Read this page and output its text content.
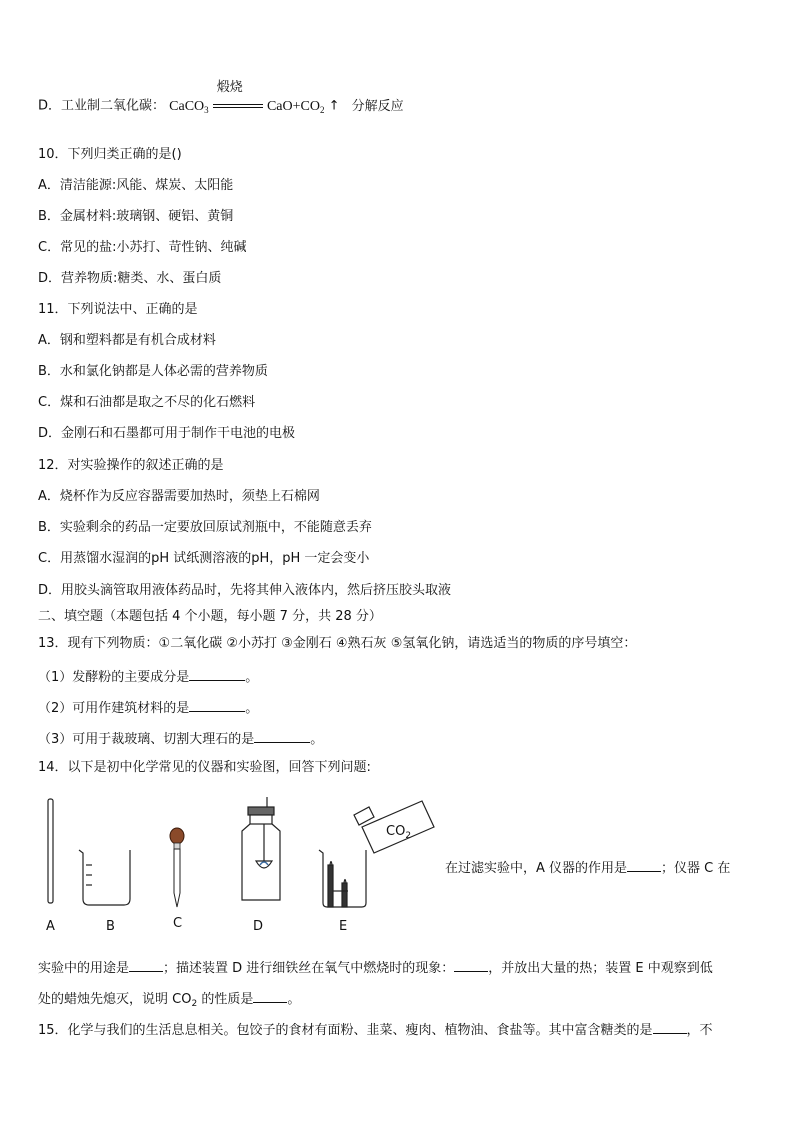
D．工业制二氧化碳： CaCO$_3$
煅烧
$CaO+CO_2$ ↑ 分解反应
10．下列归类正确的是()
A．清洁能源:风能、煤炭、太阳能
B．金属材料:玻璃钢、硬铝、黄铜
C．常见的盐:小苏打、苛性钠、纯碱
D．营养物质:糖类、水、蛋白质
11．下列说法中、正确的是
A．钢和塑料都是有机合成材料
B．水和氯化钠都是人体必需的营养物质
C．煤和石油都是取之不尽的化石燃料
D．金刚石和石墨都可用于制作干电池的电极
12．对实验操作的叙述正确的是
A．烧杯作为反应容器需要加热时，须垫上石棉网
B．实验剩余的药品一定要放回原试剂瓶中，不能随意丢弃
C．用蒸馏水湿润的pH 试纸测溶液的pH，pH 一定会变小
D．用胶头滴管取用液体药品时，先将其伸入液体内，然后挤压胶头取液
二、填空题（本题包括 4 个小题，每小题 7 分，共 28 分）
13．现有下列物质：①二氧化碳 ②小苏打 ③金刚石 ④熟石灰 ⑤氢氧化钠，请选适当的物质的序号填空：
（1）发酵粉的主要成分是	。
（2）可用作建筑材料的是	。
（3）可用于裁玻璃、切割大理石的是	。
14．以下是初中化学常见的仪器和实验图，回答下列问题:
A	B	C	D
$CO_2$
E
在过滤实验中，A 仪器的作用是	；仪器 C 在
实验中的用途是	；描述装置 D 进行细铁丝在氧气中燃烧时的现象：	，并放出大量的热；装置 E 中观察到低
处的蜡烛先熄灭，说明 $CO_2$ 的性质是	。
15．化学与我们的生活息息相关。包饺子的食材有面粉、韭菜、瘦肉、植物油、食盐等。其中富含糖类的是	，不
